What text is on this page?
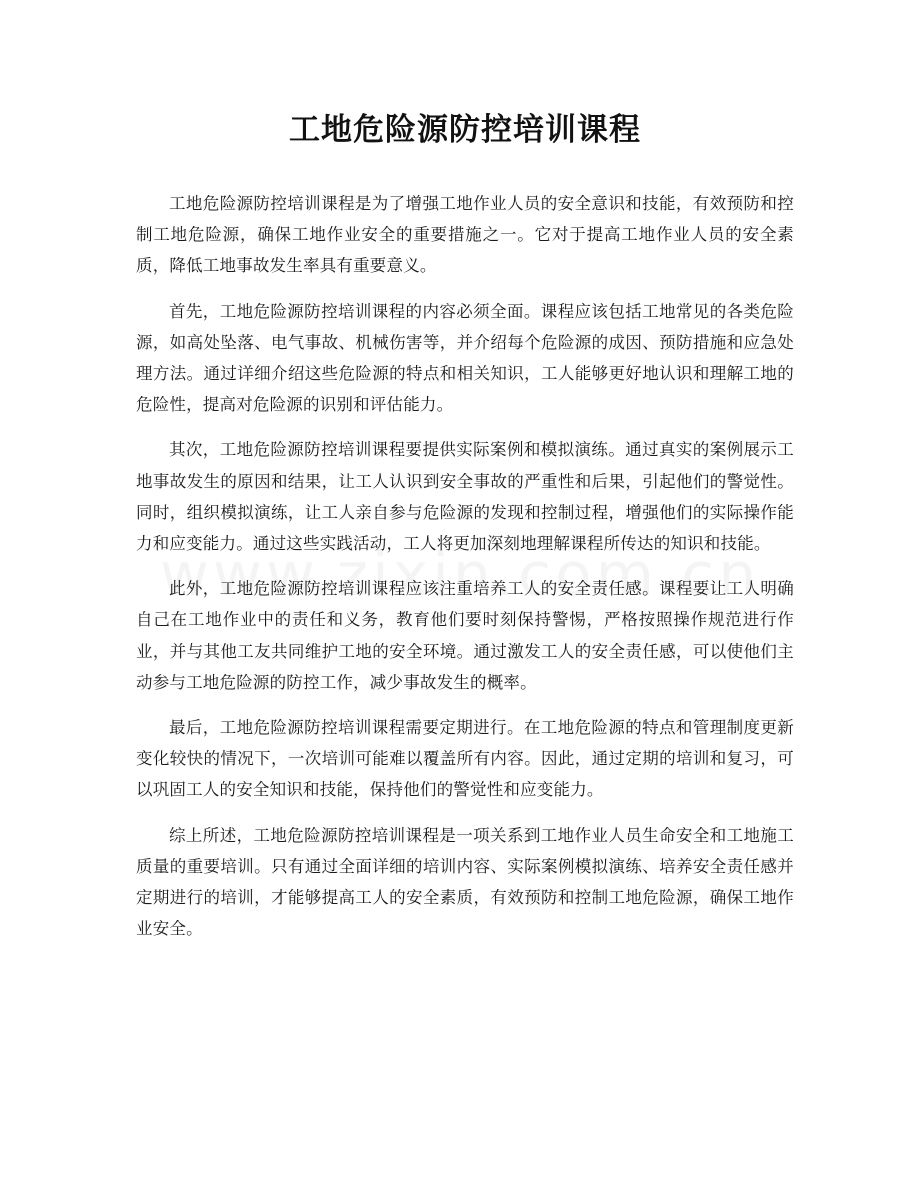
工地危险源防控培训课程

工地危险源防控培训课程是为了增强工地作业人员的安全意识和技能，有效预防和控制工地危险源，确保工地作业安全的重要措施之一。它对于提高工地作业人员的安全素质，降低工地事故发生率具有重要意义。

首先，工地危险源防控培训课程的内容必须全面。课程应该包括工地常见的各类危险源，如高处坠落、电气事故、机械伤害等，并介绍每个危险源的成因、预防措施和应急处理方法。通过详细介绍这些危险源的特点和相关知识，工人能够更好地认识和理解工地的危险性，提高对危险源的识别和评估能力。

其次，工地危险源防控培训课程要提供实际案例和模拟演练。通过真实的案例展示工地事故发生的原因和结果，让工人认识到安全事故的严重性和后果，引起他们的警觉性。同时，组织模拟演练，让工人亲自参与危险源的发现和控制过程，增强他们的实际操作能力和应变能力。通过这些实践活动，工人将更加深刻地理解课程所传达的知识和技能。

此外，工地危险源防控培训课程应该注重培养工人的安全责任感。课程要让工人明确自己在工地作业中的责任和义务，教育他们要时刻保持警惕，严格按照操作规范进行作业，并与其他工友共同维护工地的安全环境。通过激发工人的安全责任感，可以使他们主动参与工地危险源的防控工作，减少事故发生的概率。

最后，工地危险源防控培训课程需要定期进行。在工地危险源的特点和管理制度更新变化较快的情况下，一次培训可能难以覆盖所有内容。因此，通过定期的培训和复习，可以巩固工人的安全知识和技能，保持他们的警觉性和应变能力。

综上所述，工地危险源防控培训课程是一项关系到工地作业人员生命安全和工地施工质量的重要培训。只有通过全面详细的培训内容、实际案例模拟演练、培养安全责任感并定期进行的培训，才能够提高工人的安全素质，有效预防和控制工地危险源，确保工地作业安全。
